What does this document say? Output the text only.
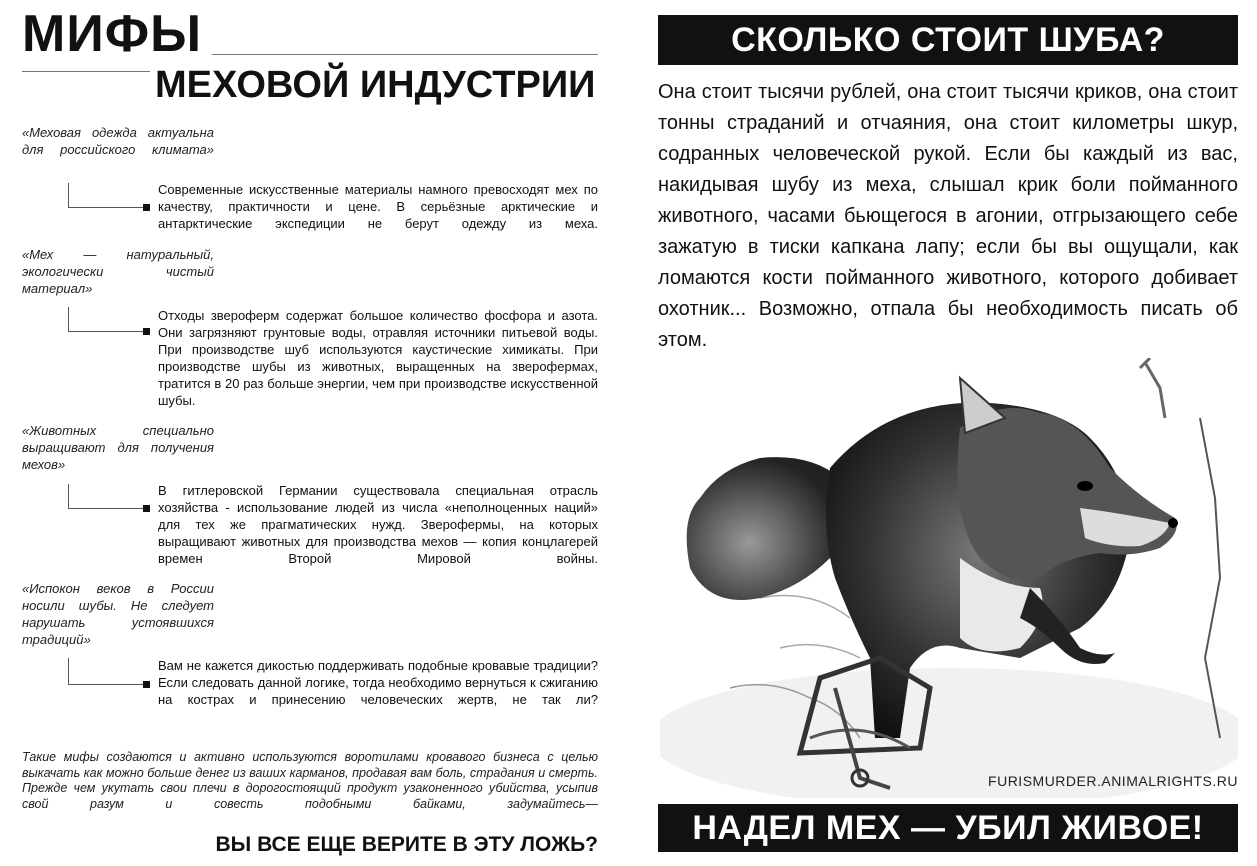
МИФЫ
МЕХОВОЙ ИНДУСТРИИ
«Меховая одежда актуальна для российского климата»
Современные искусственные материалы намного превосходят мех по качеству, практичности и цене. В серьёзные арктические и антарктические экспедиции не берут одежду из меха.
«Мех — натуральный, экологически чистый материал»
Отходы звероферм содержат большое количество фосфора и азота. Они загрязняют грунтовые воды, отравляя источники питьевой воды. При производстве шуб используются каустические химикаты. При производстве шубы из животных, выращенных на зверофермах, тратится в 20 раз больше энергии, чем при производстве искусственной шубы.
«Животных специально выращивают для получения мехов»
В гитлеровской Германии существовала специальная отрасль хозяйства - использование людей из числа «неполноценных наций» для тех же прагматических нужд. Зверофермы, на которых выращивают животных для производства мехов — копия концлагерей времен Второй Мировой войны.
«Испокон веков в России носили шубы. Не следует нарушать устоявшихся традиций»
Вам не кажется дикостью поддерживать подобные кровавые традиции? Если следовать данной логике, тогда необходимо вернуться к сжиганию на кострах и принесению человеческих жертв, не так ли?
Такие мифы создаются и активно используются воротилами кровавого бизнеса с целью выкачать как можно больше денег из ваших карманов, продавая вам боль, страдания и смерть. Прежде чем укутать свои плечи в дорогостоящий продукт узаконенного убийства, усыпив свой разум и совесть подобными байками, задумайтесь—
ВЫ ВСЕ ЕЩЕ ВЕРИТЕ В ЭТУ ЛОЖЬ?
СКОЛЬКО СТОИТ ШУБА?
Она стоит тысячи рублей, она стоит тысячи криков, она стоит тонны страданий и отчаяния, она стоит километры шкур, содранных человеческой рукой. Если бы каждый из вас, накидывая шубу из меха, слышал крик боли пойманного животного, часами бьющегося в агонии, отгрызающего себе зажатую в тиски капкана лапу; если бы вы ощущали, как ломаются кости пойманного животного, которого добивает охотник... Возможно, отпала бы необходимость писать об этом.
FURISMURDER.ANIMALRIGHTS.RU
НАДЕЛ МЕХ — УБИЛ ЖИВОЕ!
